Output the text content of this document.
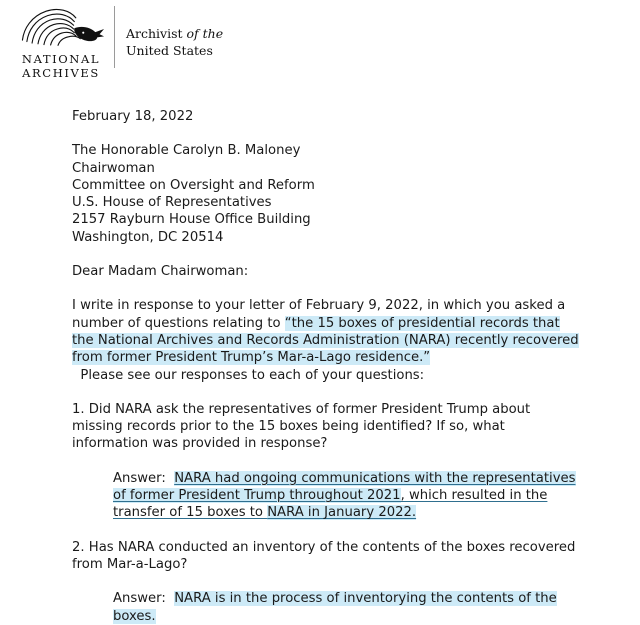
NATIONAL
ARCHIVES
Archivist of the
United States
February 18, 2022
The Honorable Carolyn B. Maloney
Chairwoman
Committee on Oversight and Reform
U.S. House of Representatives
2157 Rayburn House Office Building
Washington, DC 20514
Dear Madam Chairwoman:
I write in response to your letter of February 9, 2022, in which you asked a number of questions relating to “the 15 boxes of presidential records that the National Archives and Records Administration (NARA) recently recovered from former President Trump’s Mar-a-Lago residence.”  Please see our responses to each of your questions:
1. Did NARA ask the representatives of former President Trump about missing records prior to the 15 boxes being identified? If so, what information was provided in response?
Answer: NARA had ongoing communications with the representatives of former President Trump throughout 2021, which resulted in the transfer of 15 boxes to NARA in January 2022.
2. Has NARA conducted an inventory of the contents of the boxes recovered from Mar-a-Lago?
Answer: NARA is in the process of inventorying the contents of the boxes.
